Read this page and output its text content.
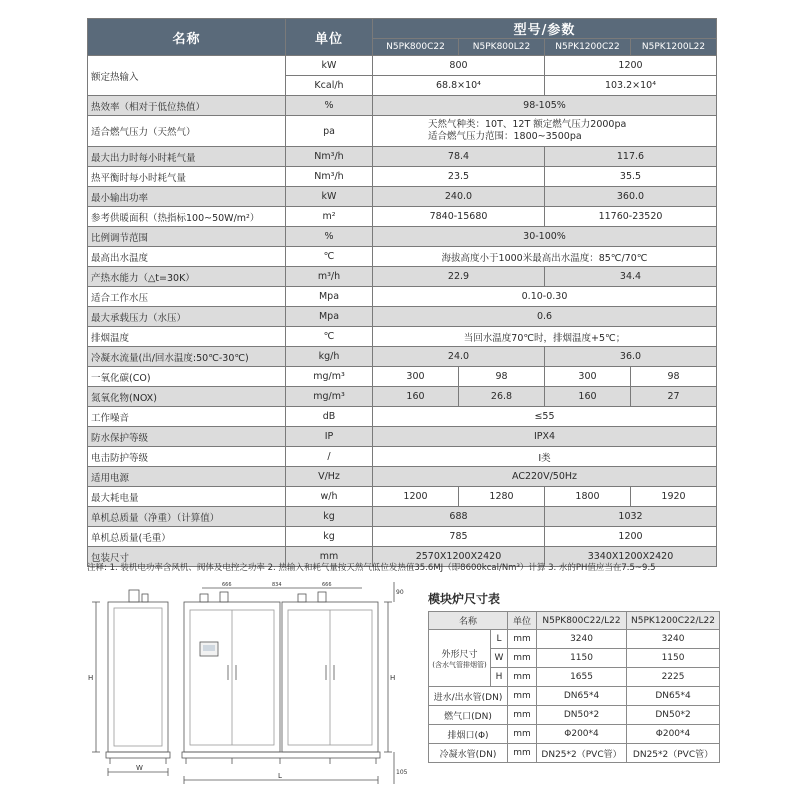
名称	单位	型号/参数			
		N5PK800C22	N5PK800L22	N5PK1200C22	N5PK1200L22
额定热输入	kW	800		1200	
	Kcal/h	68.8×10⁴		103.2×10⁴	
热效率（相对于低位热值）	%	98-105%			
适合燃气压力（天然气）	pa	天然气种类：10T、12T 额定燃气压力2000pa
适合燃气压力范围：1800~3500pa			

最大出力时每小时耗气量	Nm³/h	78.4		117.6	
热平衡时每小时耗气量	Nm³/h	23.5		35.5	
最小输出功率	kW	240.0		360.0	
参考供暖面积（热指标100~50W/m²）	m²	7840-15680		11760-23520	
比例调节范围	%	30-100%			
最高出水温度	℃	海拔高度小于1000米最高出水温度：85℃/70℃			
产热水能力（△t=30K）	m³/h	22.9		34.4	
适合工作水压	Mpa	0.10-0.30			
最大承载压力（水压）	Mpa	0.6			
排烟温度	℃	当回水温度70℃时，排烟温度+5℃；			
冷凝水流量(出/回水温度:50℃-30℃)	kg/h	24.0		36.0	
一氧化碳(CO)	mg/m³	300	98	300	98
氮氧化物(NOX)	mg/m³	160	26.8	160	27
工作噪音	dB	≤55			
防水保护等级	IP	IPX4			
电击防护等级	/	I类			
适用电源	V/Hz	AC220V/50Hz			
最大耗电量	w/h	1200	1280	1800	1920
单机总质量（净重）（计算值）	kg	688		1032	
单机总质量(毛重）	kg	785		1200	
包装尺寸	mm	2570X1200X2420		3340X1200X2420	
注释: 1. 装机电功率含风机、阀体及电控之功率 2. 热输入和耗气量按天然气低位发热值35.6MJ（即8600kcal/Nm³）计算 3. 水的PH值应当在7.5~9.5
H	H
W
L
90
105
666	834	666
模块炉尺寸表
名称		单位	N5PK800C22/L22	N5PK1200C22/L22

外形尺寸
(含水气管排烟管)	L	mm	3240	3240
	W	mm	1150	1150
	H	mm	1655	2225
进水/出水管(DN)		mm	DN65*4	DN65*4
燃气口(DN)		mm	DN50*2	DN50*2
排烟口(Φ)		mm	Φ200*4	Φ200*4
冷凝水管(DN)		mm	DN25*2（PVC管）	DN25*2（PVC管）
